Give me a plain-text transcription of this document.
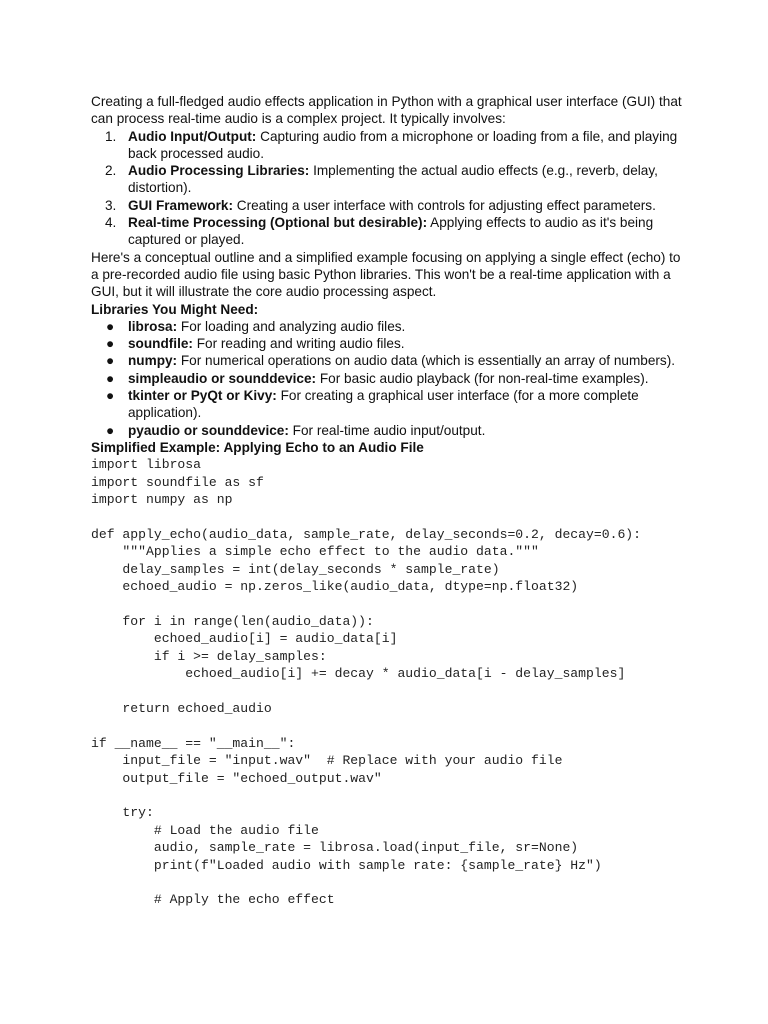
Creating a full-fledged audio effects application in Python with a graphical user interface (GUI) that can process real-time audio is a complex project. It typically involves:

1. Audio Input/Output: Capturing audio from a microphone or loading from a file, and playing back processed audio.
2. Audio Processing Libraries: Implementing the actual audio effects (e.g., reverb, delay, distortion).
3. GUI Framework: Creating a user interface with controls for adjusting effect parameters.
4. Real-time Processing (Optional but desirable): Applying effects to audio as it's being captured or played.

Here's a conceptual outline and a simplified example focusing on applying a single effect (echo) to a pre-recorded audio file using basic Python libraries. This won't be a real-time application with a GUI, but it will illustrate the core audio processing aspect.

Libraries You Might Need:

● librosa: For loading and analyzing audio files.
● soundfile: For reading and writing audio files.
● numpy: For numerical operations on audio data (which is essentially an array of numbers).
● simpleaudio or sounddevice: For basic audio playback (for non-real-time examples).
● tkinter or PyQt or Kivy: For creating a graphical user interface (for a more complete application).
● pyaudio or sounddevice: For real-time audio input/output.

Simplified Example: Applying Echo to an Audio File

import librosa
import soundfile as sf
import numpy as np

def apply_echo(audio_data, sample_rate, delay_seconds=0.2, decay=0.6):
"""Applies a simple echo effect to the audio data."""
delay_samples = int(delay_seconds * sample_rate)
echoed_audio = np.zeros_like(audio_data, dtype=np.float32)

for i in range(len(audio_data)):
echoed_audio[i] = audio_data[i]
if i >= delay_samples:
echoed_audio[i] += decay * audio_data[i - delay_samples]

return echoed_audio

if __name__ == "__main__":
input_file = "input.wav"  # Replace with your audio file
output_file = "echoed_output.wav"

try:
# Load the audio file
audio, sample_rate = librosa.load(input_file, sr=None)
print(f"Loaded audio with sample rate: {sample_rate} Hz")

# Apply the echo effect
